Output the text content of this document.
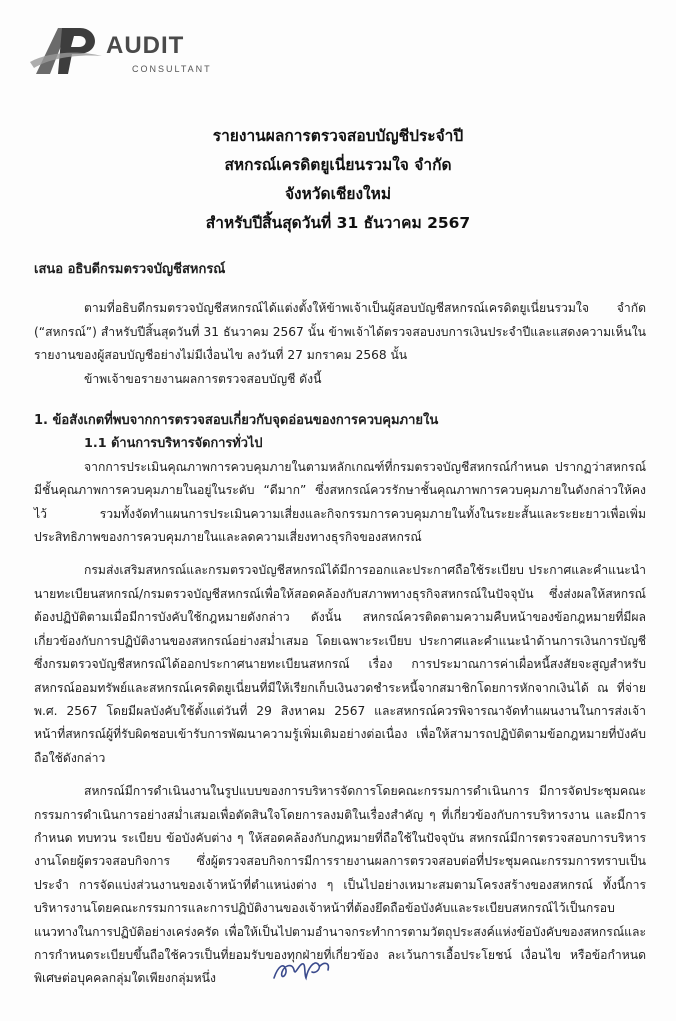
AUDIT
CONSULTANT
รายงานผลการตรวจสอบบัญชีประจำปี
สหกรณ์เครดิตยูเนี่ยนรวมใจ จำกัด
จังหวัดเชียงใหม่
สำหรับปีสิ้นสุดวันที่ 31 ธันวาคม 2567

เสนอ อธิบดีกรมตรวจบัญชีสหกรณ์

ตามที่อธิบดีกรมตรวจบัญชีสหกรณ์ได้แต่งตั้งให้ข้าพเจ้าเป็นผู้สอบบัญชีสหกรณ์เครดิตยูเนี่ยนรวมใจ จำกัด (“สหกรณ์”) สำหรับปีสิ้นสุดวันที่ 31 ธันวาคม 2567 นั้น ข้าพเจ้าได้ตรวจสอบงบการเงินประจำปีและแสดงความเห็นในรายงานของผู้สอบบัญชีอย่างไม่มีเงื่อนไข ลงวันที่ 27 มกราคม 2568 นั้น

ข้าพเจ้าขอรายงานผลการตรวจสอบบัญชี ดังนี้

1. ข้อสังเกตที่พบจากการตรวจสอบเกี่ยวกับจุดอ่อนของการควบคุมภายใน

1.1 ด้านการบริหารจัดการทั่วไป

จากการประเมินคุณภาพการควบคุมภายในตามหลักเกณฑ์ที่กรมตรวจบัญชีสหกรณ์กำหนด ปรากฏว่าสหกรณ์มีชั้นคุณภาพการควบคุมภายในอยู่ในระดับ “ดีมาก” ซึ่งสหกรณ์ควรรักษาชั้นคุณภาพการควบคุมภายในดังกล่าวให้คงไว้ รวมทั้งจัดทำแผนการประเมินความเสี่ยงและกิจกรรมการควบคุมภายในทั้งในระยะสั้นและระยะยาวเพื่อเพิ่มประสิทธิภาพของการควบคุมภายในและลดความเสี่ยงทางธุรกิจของสหกรณ์

กรมส่งเสริมสหกรณ์และกรมตรวจบัญชีสหกรณ์ได้มีการออกและประกาศถือใช้ระเบียบ ประกาศและคำแนะนำนายทะเบียนสหกรณ์/กรมตรวจบัญชีสหกรณ์เพื่อให้สอดคล้องกับสภาพทางธุรกิจสหกรณ์ในปัจจุบัน ซึ่งส่งผลให้สหกรณ์ต้องปฏิบัติตามเมื่อมีการบังคับใช้กฎหมายดังกล่าว ดังนั้น สหกรณ์ควรติดตามความคืบหน้าของข้อกฎหมายที่มีผลเกี่ยวข้องกับการปฏิบัติงานของสหกรณ์อย่างสม่ำเสมอ โดยเฉพาะระเบียบ ประกาศและคำแนะนำด้านการเงินการบัญชี ซึ่งกรมตรวจบัญชีสหกรณ์ได้ออกประกาศนายทะเบียนสหกรณ์ เรื่อง การประมาณการค่าเผื่อหนี้สงสัยจะสูญสำหรับสหกรณ์ออมทรัพย์และสหกรณ์เครดิตยูเนี่ยนที่มีให้เรียกเก็บเงินงวดชำระหนี้จากสมาชิกโดยการหักจากเงินได้ ณ ที่จ่าย พ.ศ. 2567 โดยมีผลบังคับใช้ตั้งแต่วันที่ 29 สิงหาคม 2567 และสหกรณ์ควรพิจารณาจัดทำแผนงานในการส่งเจ้าหน้าที่สหกรณ์ผู้ที่รับผิดชอบเข้ารับการพัฒนาความรู้เพิ่มเติมอย่างต่อเนื่อง เพื่อให้สามารถปฏิบัติตามข้อกฎหมายที่บังคับถือใช้ดังกล่าว

สหกรณ์มีการดำเนินงานในรูปแบบของการบริหารจัดการโดยคณะกรรมการดำเนินการ มีการจัดประชุมคณะกรรมการดำเนินการอย่างสม่ำเสมอเพื่อตัดสินใจโดยการลงมติในเรื่องสำคัญ ๆ ที่เกี่ยวข้องกับการบริหารงาน และมีการกำหนด ทบทวน ระเบียบ ข้อบังคับต่าง ๆ ให้สอดคล้องกับกฎหมายที่ถือใช้ในปัจจุบัน สหกรณ์มีการตรวจสอบการบริหารงานโดยผู้ตรวจสอบกิจการ ซึ่งผู้ตรวจสอบกิจการมีการรายงานผลการตรวจสอบต่อที่ประชุมคณะกรรมการทราบเป็นประจำ การจัดแบ่งส่วนงานของเจ้าหน้าที่ตำแหน่งต่าง ๆ เป็นไปอย่างเหมาะสมตามโครงสร้างของสหกรณ์ ทั้งนี้การบริหารงานโดยคณะกรรมการและการปฏิบัติงานของเจ้าหน้าที่ต้องยึดถือข้อบังคับและระเบียบสหกรณ์ไว้เป็นกรอบแนวทางในการปฏิบัติอย่างเคร่งครัด เพื่อให้เป็นไปตามอำนาจกระทำการตามวัตถุประสงค์แห่งข้อบังคับของสหกรณ์และการกำหนดระเบียบขึ้นถือใช้ควรเป็นที่ยอมรับของทุกฝ่ายที่เกี่ยวข้อง ละเว้นการเอื้อประโยชน์ เงื่อนไข หรือข้อกำหนดพิเศษต่อบุคคลกลุ่มใดเพียงกลุ่มหนึ่ง
